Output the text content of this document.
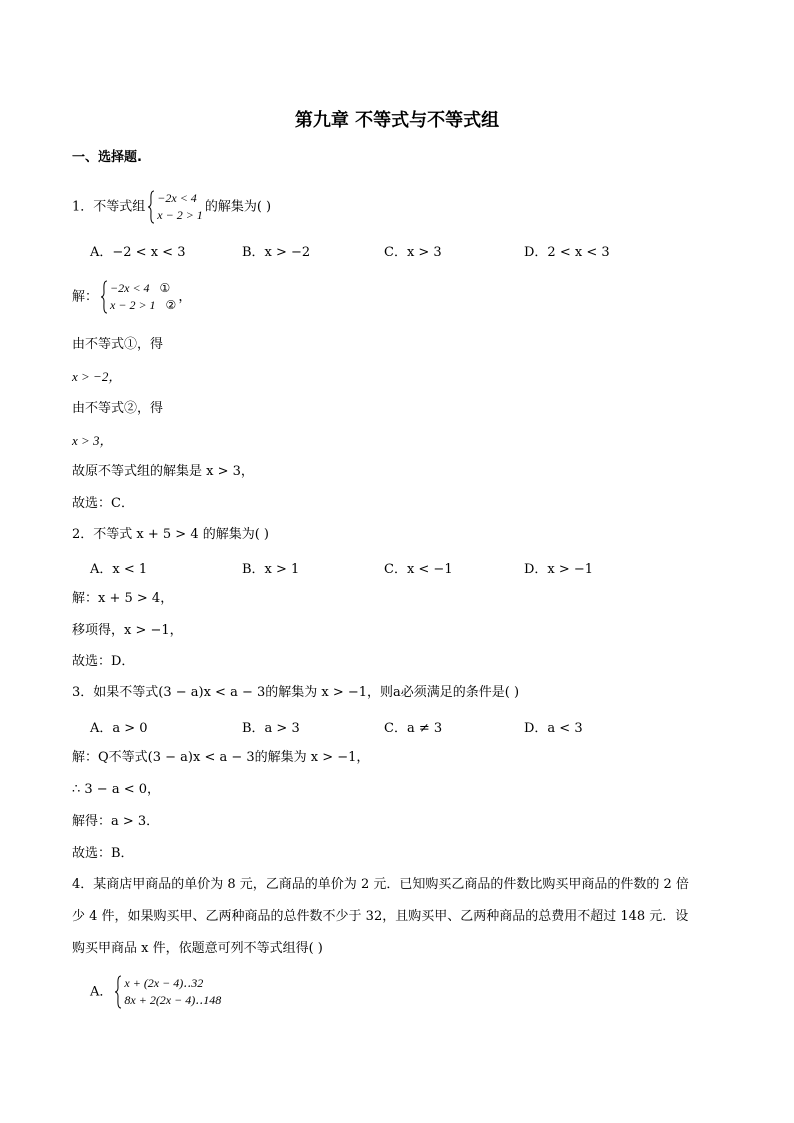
第九章 不等式与不等式组
一、选择题.
1．不等式组
−2x < 4
x − 2 > 1
的解集为( )
A．−2 < x < 3	B．x > −2	C．x > 3	D．2 < x < 3
解：
−2x < 4 ①
x − 2 > 1 ②
，
由不等式①，得
x > −2，
由不等式②，得
x > 3，
故原不等式组的解集是 x > 3，
故选：C．
2．不等式 x + 5 > 4 的解集为( )
A．x < 1	B．x > 1	C．x < −1	D．x > −1
解：x + 5 > 4，
移项得，x > −1，
故选：D．
3．如果不等式(3 − a)x < a − 3的解集为 x > −1，则a必须满足的条件是( )
A．a > 0	B．a > 3	C．a ≠ 3	D．a < 3
解：Q不等式(3 − a)x < a − 3的解集为 x > −1，
∴ 3 − a < 0，
解得：a > 3．
故选：B．
4．某商店甲商品的单价为 8 元，乙商品的单价为 2 元．已知购买乙商品的件数比购买甲商品的件数的 2 倍
少 4 件，如果购买甲、乙两种商品的总件数不少于 32，且购买甲、乙两种商品的总费用不超过 148 元．设
购买甲商品 x 件，依题意可列不等式组得( )
A．
x + (2x − 4)‥32
8x + 2(2x − 4)‥148
